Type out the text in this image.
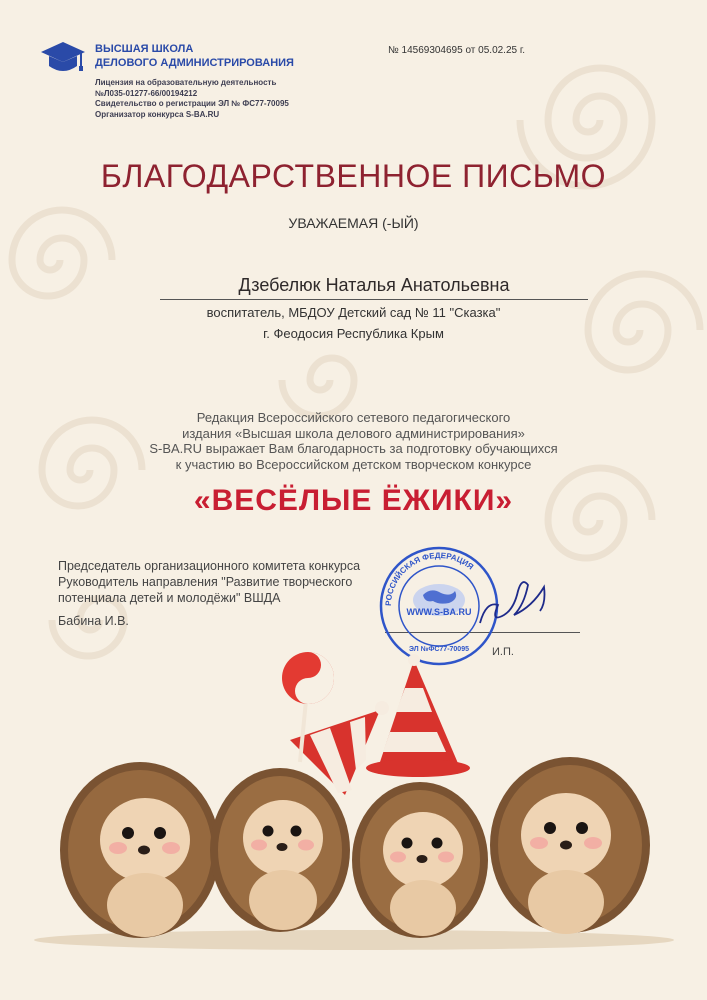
ВЫСШАЯ ШКОЛА
ДЕЛОВОГО АДМИНИСТРИРОВАНИЯ
Лицензия на образовательную деятельность
№Л035-01277-66/00194212
Свидетельство о регистрации ЭЛ № ФС77-70095
Организатор конкурса S-BA.RU
№ 14569304695 от 05.02.25 г.
БЛАГОДАРСТВЕННОЕ ПИСЬМО
УВАЖАЕМАЯ (-ЫЙ)
Дзебелюк Наталья Анатольевна
воспитатель, МБДОУ Детский сад № 11 "Сказка"
г. Феодосия Республика Крым
Редакция Всероссийского сетевого педагогического
издания «Высшая школа делового администрирования»
S-BA.RU выражает Вам благодарность за подготовку обучающихся
к участию во Всероссийском детском творческом конкурсе
«ВЕСЁЛЫЕ ЁЖИКИ»
Председатель организационного комитета конкурса
Руководитель направления "Развитие творческого
потенциала детей и молодёжи" ВШДА
Бабина И.В.
И.П.
РОССИЙСКАЯ ФЕДЕРАЦИЯ
WWW.S-BA.RU
ЭЛ №ФС77-70095
